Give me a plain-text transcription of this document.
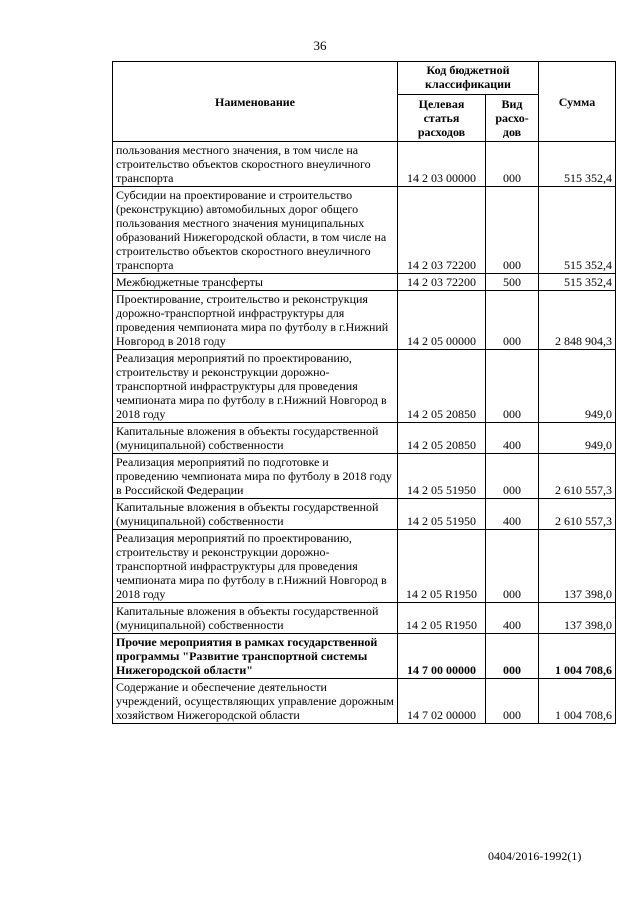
36
Наименование	Код бюджетной классификации		Сумма
	Целевая статья расходов	Вид расхо-дов	
пользования местного значения, в том числе на строительство объектов скоростного внеуличного транспорта	14 2 03 00000	000	515 352,4
Субсидии на проектирование и строительство (реконструкцию) автомобильных дорог общего пользования местного значения муниципальных образований Нижегородской области, в том числе на строительство объектов скоростного внеуличного транспорта	14 2 03 72200	000	515 352,4
Межбюджетные трансферты	14 2 03 72200	500	515 352,4
Проектирование, строительство и реконструкция дорожно-транспортной инфраструктуры для проведения чемпионата мира по футболу в г.Нижний Новгород в 2018 году	14 2 05 00000	000	2 848 904,3
Реализация мероприятий по проектированию, строительству и реконструкции дорожно-транспортной инфраструктуры для проведения чемпионата мира по футболу в г.Нижний Новгород в 2018 году	14 2 05 20850	000	949,0
Капитальные вложения в объекты государственной (муниципальной) собственности	14 2 05 20850	400	949,0
Реализация мероприятий по подготовке и проведению чемпионата мира по футболу в 2018 году в Российской Федерации	14 2 05 51950	000	2 610 557,3
Капитальные вложения в объекты государственной (муниципальной) собственности	14 2 05 51950	400	2 610 557,3
Реализация мероприятий по проектированию, строительству и реконструкции дорожно-транспортной инфраструктуры для проведения чемпионата мира по футболу в г.Нижний Новгород в 2018 году	14 2 05 R1950	000	137 398,0
Капитальные вложения в объекты государственной (муниципальной) собственности	14 2 05 R1950	400	137 398,0
Прочие мероприятия в рамках государственной программы "Развитие транспортной системы Нижегородской области"	14 7 00 00000	000	1 004 708,6
Содержание и обеспечение деятельности учреждений, осуществляющих управление дорожным хозяйством Нижегородской области	14 7 02 00000	000	1 004 708,6
0404/2016-1992(1)
